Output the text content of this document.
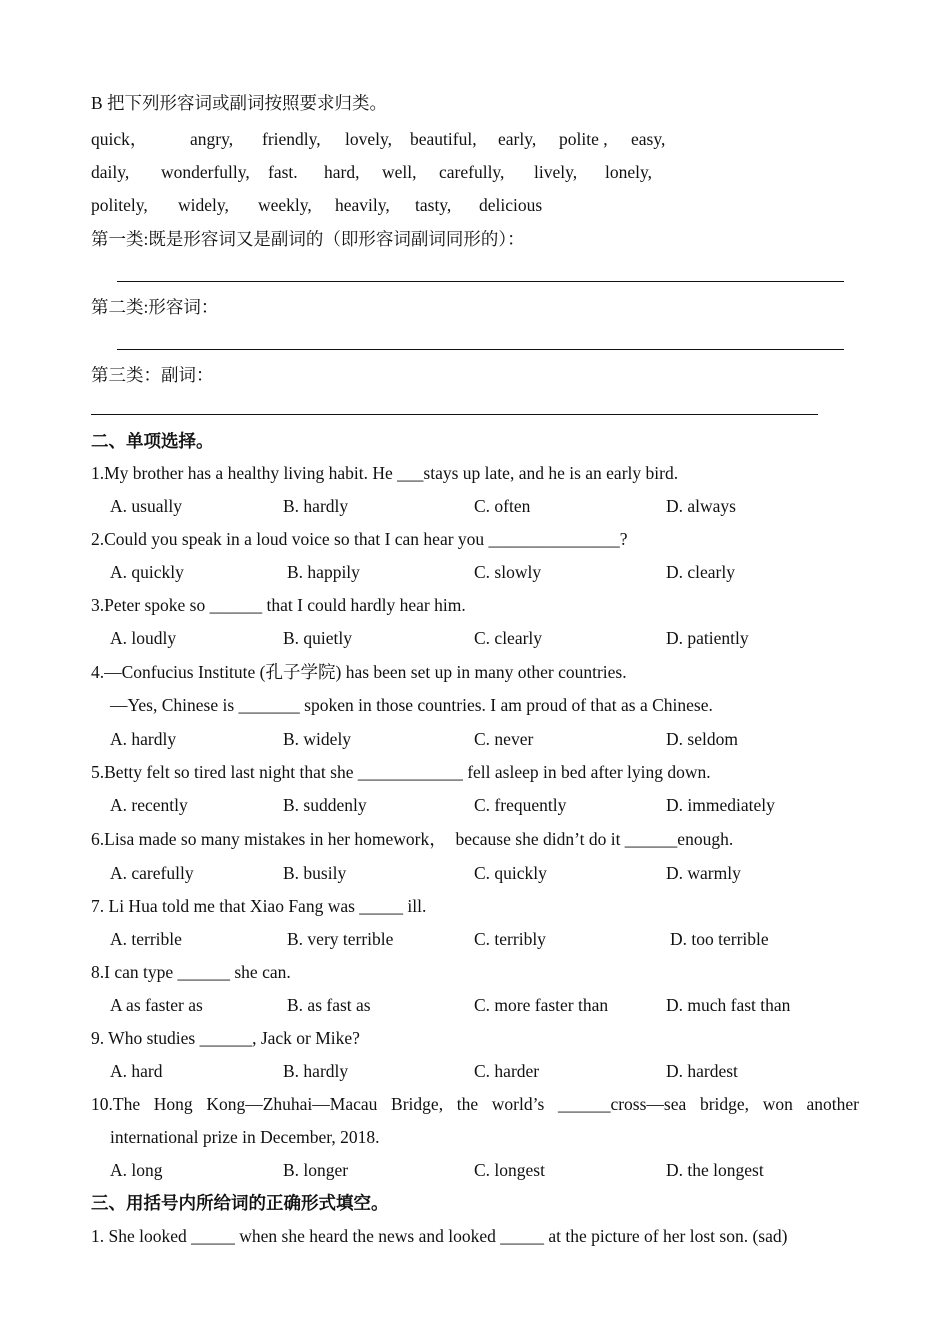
B 把下列形容词或副词按照要求归类。

quick， angry, friendly, lovely, beautiful, early, polite , easy,
daily, wonderfully, fast. hard, well, carefully, lively, lonely,
politely, widely, weekly, heavily, tasty, delicious

第一类:既是形容词又是副词的（即形容词副词同形的）：

第二类:形容词：

第三类：副词：

二、单项选择。

1.My brother has a healthy living habit. He ___stays up late, and he is an early bird.

A. usually	B. hardly	C. often	D. always

2.Could you speak in a loud voice so that I can hear you _______________?

A. quickly	B. happily	C. slowly	D. clearly

3.Peter spoke so ______ that I could hardly hear him.

A. loudly	B. quietly	C. clearly	D. patiently

4.—Confucius Institute (孔子学院) has been set up in many other countries.

—Yes, Chinese is _______ spoken in those countries. I am proud of that as a Chinese.

A. hardly	B. widely	C. never	D. seldom

5.Betty felt so tired last night that she ____________ fell asleep in bed after lying down.

A. recently	B. suddenly	C. frequently	D. immediately

6.Lisa made so many mistakes in her homework，  because she didn’t do it ______enough.

A. carefully	B. busily	C. quickly	D. warmly

7. Li Hua told me that Xiao Fang was _____ ill.

A. terrible	B. very terrible	C. terribly	D. too terrible

8.I can type ______ she can.

A as faster as	B. as fast as	C. more faster than	D. much fast than

9. Who studies ______, Jack or Mike?

A. hard	B. hardly	C. harder	D. hardest
10.The Hong Kong—Zhuhai—Macau Bridge, the world’s ______cross—sea bridge, won another

international prize in December, 2018.

A. long	B. longer	C. longest	D. the longest

三、用括号内所给词的正确形式填空。

1. She looked _____ when she heard the news and looked _____ at the picture of her lost son. (sad)
